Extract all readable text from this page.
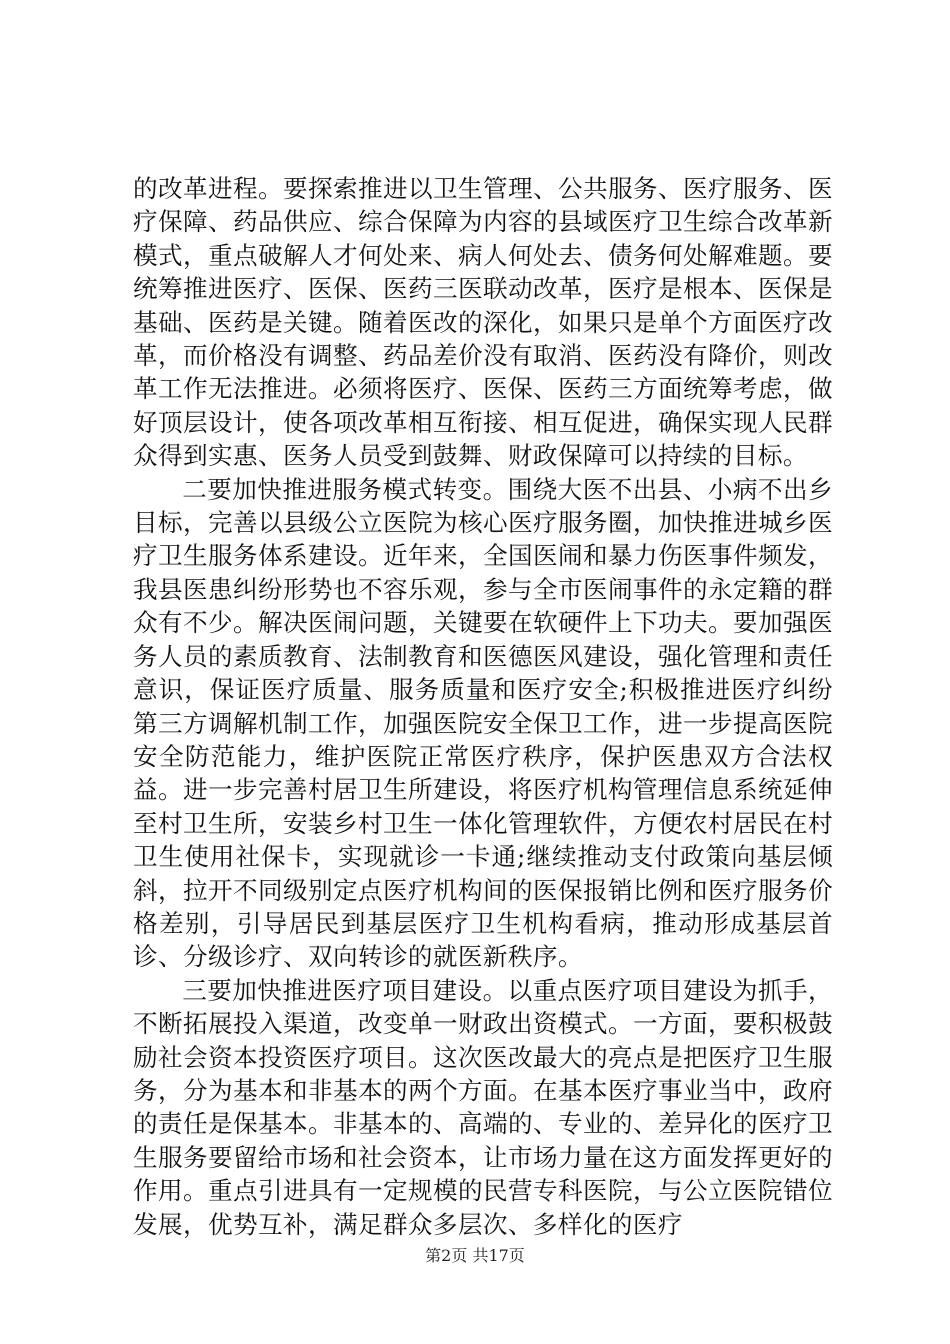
的改革进程。要探索推进以卫生管理、公共服务、医疗服务、医疗保障、药品供应、综合保障为内容的县域医疗卫生综合改革新模式，重点破解人才何处来、病人何处去、债务何处解难题。要统筹推进医疗、医保、医药三医联动改革，医疗是根本、医保是基础、医药是关键。随着医改的深化，如果只是单个方面医疗改革，而价格没有调整、药品差价没有取消、医药没有降价，则改革工作无法推进。必须将医疗、医保、医药三方面统筹考虑，做好顶层设计，使各项改革相互衔接、相互促进，确保实现人民群众得到实惠、医务人员受到鼓舞、财政保障可以持续的目标。

二要加快推进服务模式转变。围绕大医不出县、小病不出乡目标，完善以县级公立医院为核心医疗服务圈，加快推进城乡医疗卫生服务体系建设。近年来，全国医闹和暴力伤医事件频发，我县医患纠纷形势也不容乐观，参与全市医闹事件的永定籍的群众有不少。解决医闹问题，关键要在软硬件上下功夫。要加强医务人员的素质教育、法制教育和医德医风建设，强化管理和责任意识，保证医疗质量、服务质量和医疗安全;积极推进医疗纠纷第三方调解机制工作，加强医院安全保卫工作，进一步提高医院安全防范能力，维护医院正常医疗秩序，保护医患双方合法权益。进一步完善村居卫生所建设，将医疗机构管理信息系统延伸至村卫生所，安装乡村卫生一体化管理软件，方便农村居民在村卫生使用社保卡，实现就诊一卡通;继续推动支付政策向基层倾斜，拉开不同级别定点医疗机构间的医保报销比例和医疗服务价格差别，引导居民到基层医疗卫生机构看病，推动形成基层首诊、分级诊疗、双向转诊的就医新秩序。

三要加快推进医疗项目建设。以重点医疗项目建设为抓手，不断拓展投入渠道，改变单一财政出资模式。一方面，要积极鼓励社会资本投资医疗项目。这次医改最大的亮点是把医疗卫生服务，分为基本和非基本的两个方面。在基本医疗事业当中，政府的责任是保基本。非基本的、高端的、专业的、差异化的医疗卫生服务要留给市场和社会资本，让市场力量在这方面发挥更好的作用。重点引进具有一定规模的民营专科医院，与公立医院错位发展，优势互补，满足群众多层次、多样化的医疗

第2页 共17页
